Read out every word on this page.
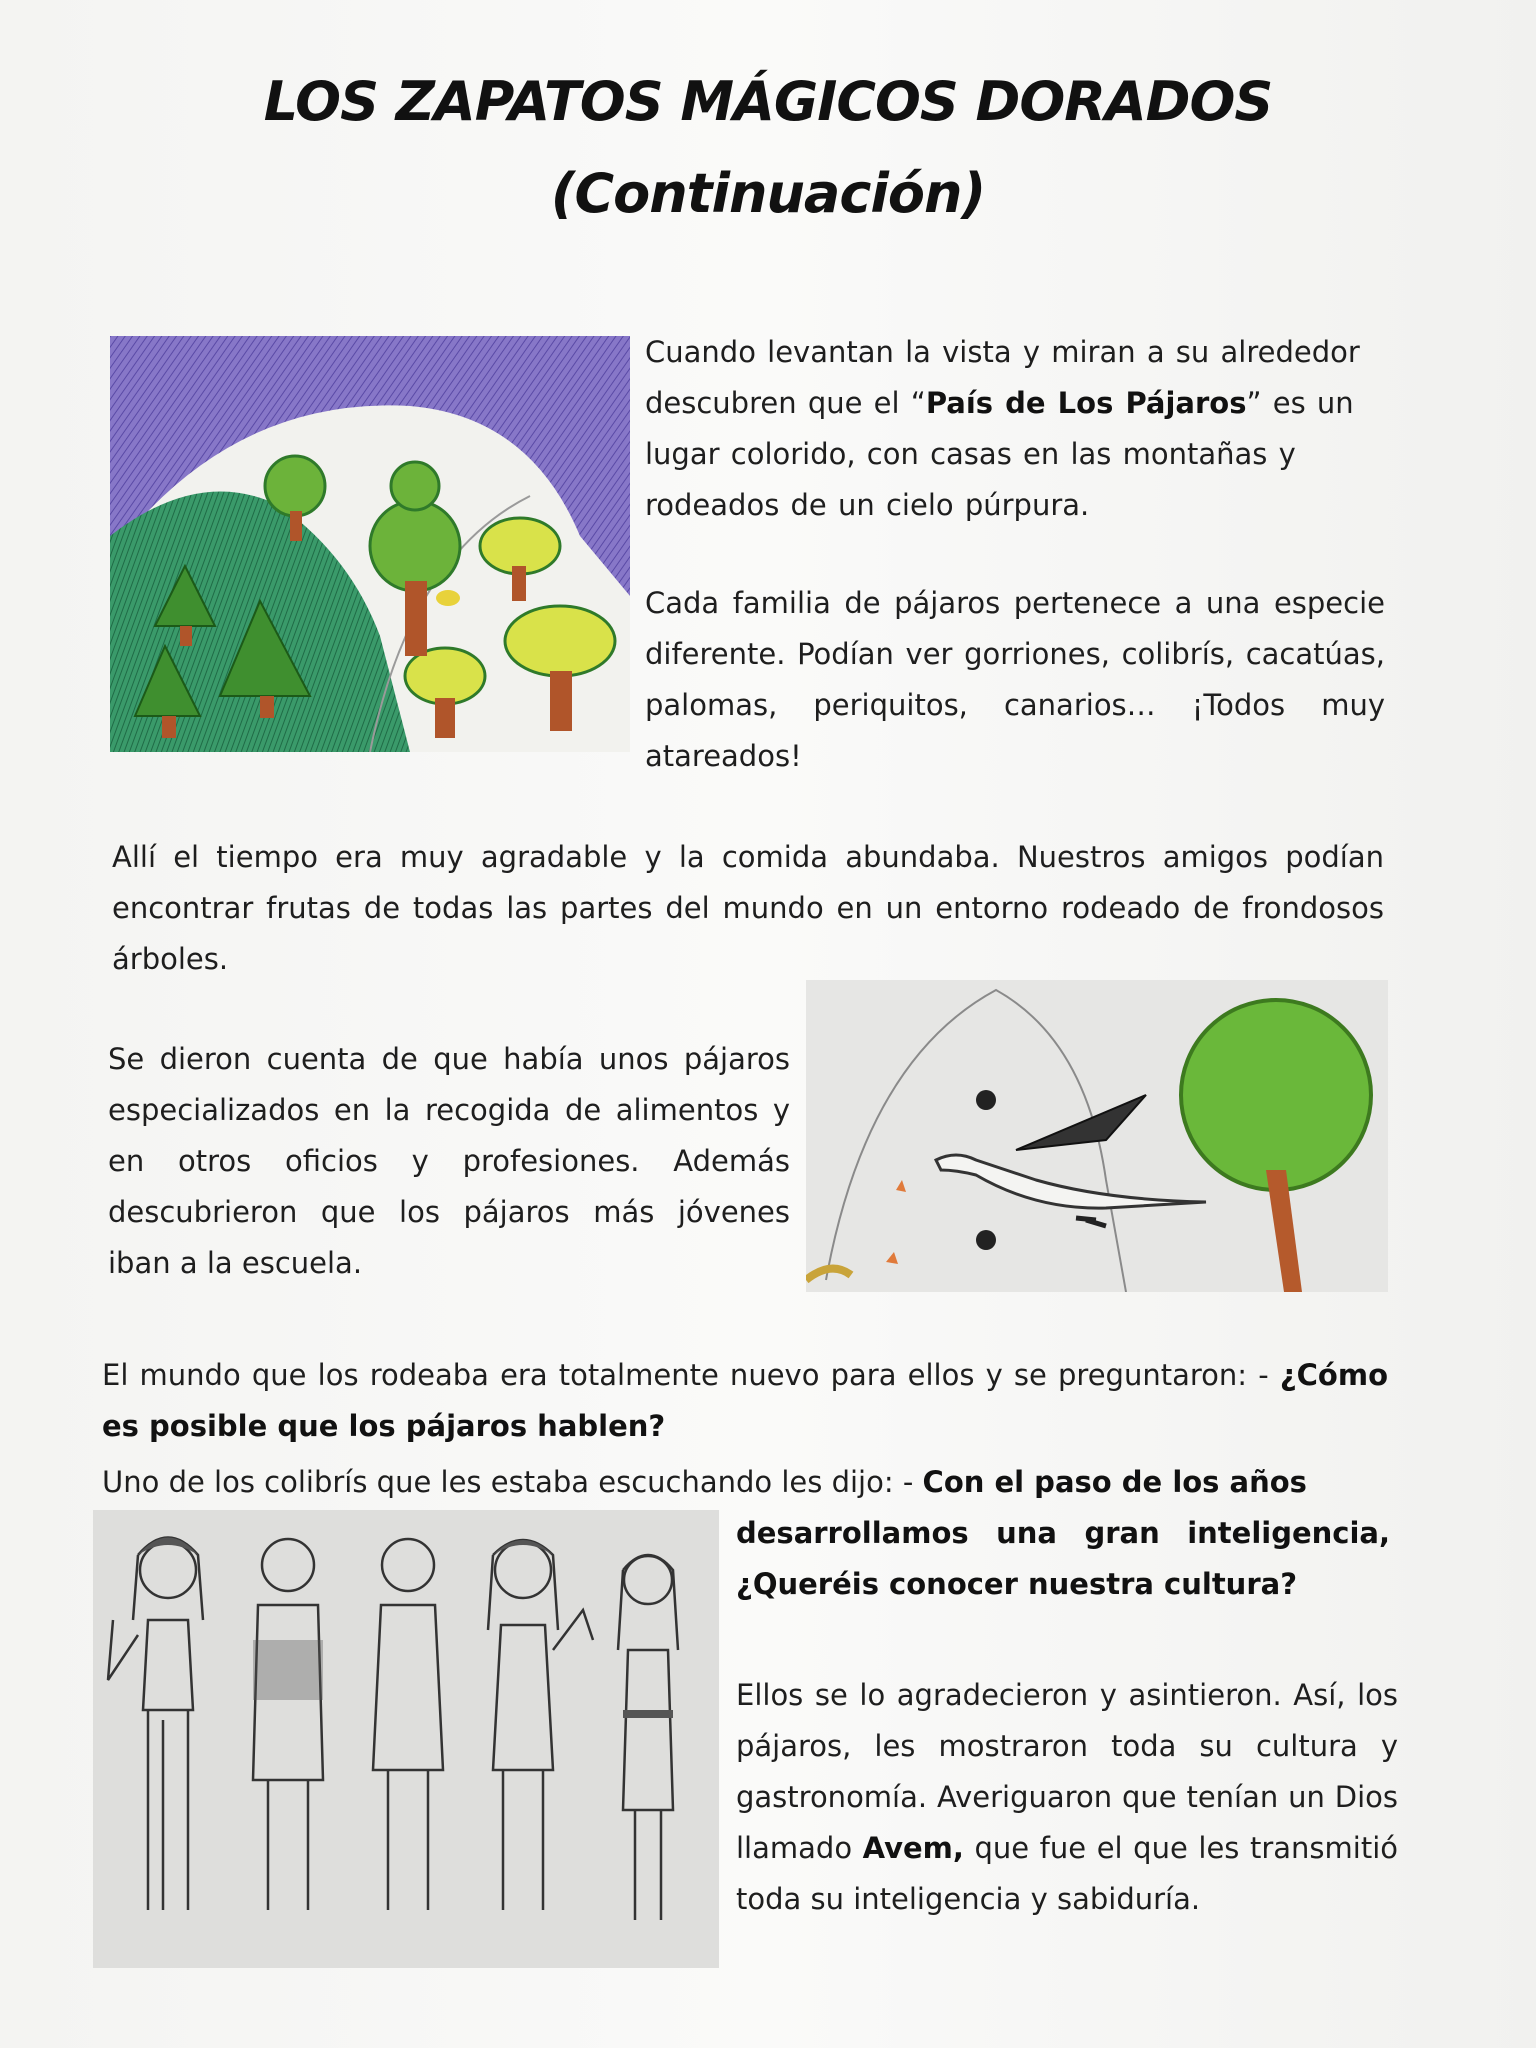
LOS ZAPATOS MÁGICOS DORADOS
(Continuación)

Cuando levantan la vista y miran a su alrededor descubren que el “País de Los Pájaros” es un lugar colorido, con casas en las montañas y rodeados de un cielo púrpura.

Cada familia de pájaros pertenece a una especie diferente. Podían ver gorriones, colibrís, cacatúas, palomas, periquitos, canarios… ¡Todos muy atareados!

Allí el tiempo era muy agradable y la comida abundaba. Nuestros amigos podían encontrar frutas de todas las partes del mundo en un entorno rodeado de frondosos árboles.

Se dieron cuenta de que había unos pájaros especializados en la recogida de alimentos y en otros oficios y profesiones. Además descubrieron que los pájaros más jóvenes iban a la escuela.

El mundo que los rodeaba era totalmente nuevo para ellos y se preguntaron: - ¿Cómo es posible que los pájaros hablen?

Uno de los colibrís que les estaba escuchando les dijo: - Con el paso de los años

desarrollamos una gran inteligencia, ¿Queréis conocer nuestra cultura?

Ellos se lo agradecieron y asintieron. Así, los pájaros, les mostraron toda su cultura y gastronomía. Averiguaron que tenían un Dios llamado Avem, que fue el que les transmitió toda su inteligencia y sabiduría.
